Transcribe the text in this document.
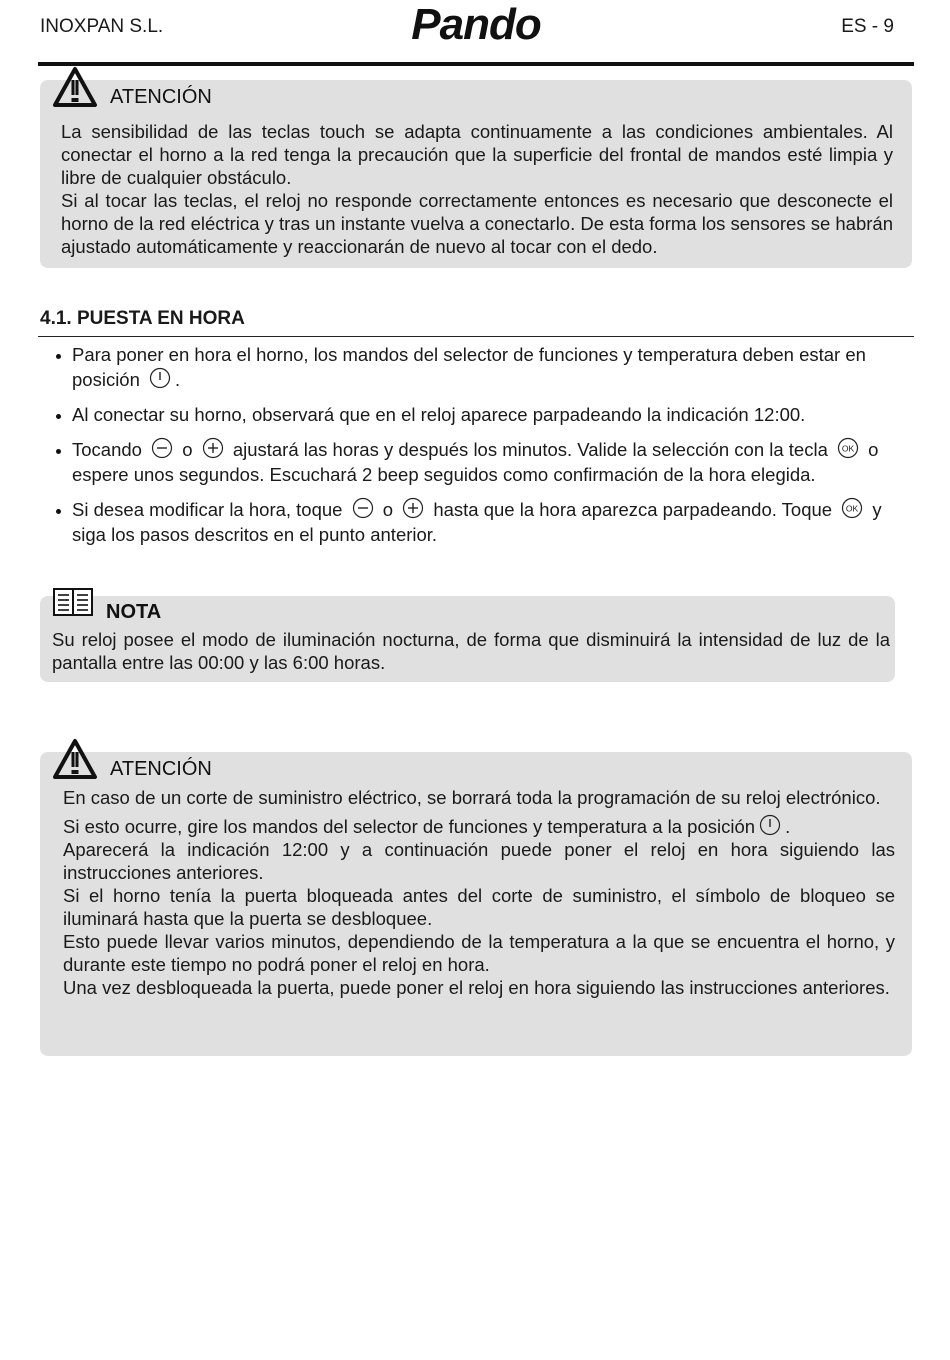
INOXPAN S.L.	Pando	ES - 9
ATENCIÓN
La sensibilidad de las teclas touch se adapta continuamente a las condiciones ambientales. Al conectar el horno a la red tenga la precaución que la superficie del frontal de mandos esté limpia y libre de cualquier obstáculo.
Si al tocar las teclas, el reloj no responde correctamente entonces es necesario que desconecte el horno de la red eléctrica y tras un instante vuelva a conectarlo. De esta forma los sensores se habrán ajustado automáticamente y reaccionarán de nuevo al tocar con el dedo.
4.1. PUESTA EN HORA
Para poner en hora el horno, los mandos del selector de funciones y temperatura deben estar en posición .
Al conectar su horno, observará que en el reloj aparece parpadeando la indicación 12:00.
Tocando o ajustará las horas y después los minutos. Valide la selección con la tecla OK o espere unos segundos. Escuchará 2 beep seguidos como confirmación de la hora elegida.
Si desea modificar la hora, toque o hasta que la hora aparezca parpadeando. Toque OK y siga los pasos descritos en el punto anterior.
NOTA
Su reloj posee el modo de iluminación nocturna, de forma que disminuirá la intensidad de luz de la pantalla entre las 00:00 y las 6:00 horas.
ATENCIÓN
En caso de un corte de suministro eléctrico, se borrará toda la programación de su reloj electrónico.
Si esto ocurre, gire los mandos del selector de funciones y temperatura a la posición .
Aparecerá la indicación 12:00 y a continuación puede poner el reloj en hora siguiendo las instrucciones anteriores.
Si el horno tenía la puerta bloqueada antes del corte de suministro, el símbolo de bloqueo se iluminará hasta que la puerta se desbloquee.
Esto puede llevar varios minutos, dependiendo de la temperatura a la que se encuentra el horno, y durante este tiempo no podrá poner el reloj en hora.
Una vez desbloqueada la puerta, puede poner el reloj en hora siguiendo las instrucciones anteriores.
